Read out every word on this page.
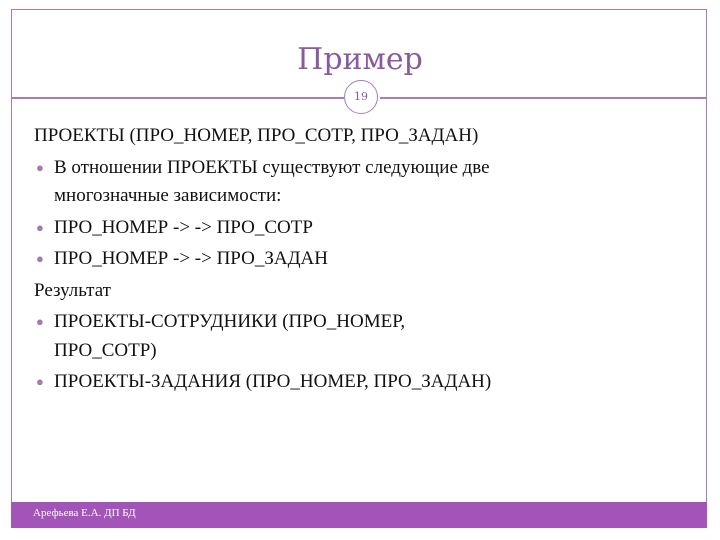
Пример
19
ПРОЕКТЫ (ПРО_НОМЕР, ПРО_СОТР, ПРО_ЗАДАН)
● В отношении ПРОЕКТЫ существуют следующие две
многозначные зависимости:
● ПРО_НОМЕР -> -> ПРО_СОТР
● ПРО_НОМЕР -> -> ПРО_ЗАДАН
Результат
● ПРОЕКТЫ-СОТРУДНИКИ (ПРО_НОМЕР,
ПРО_СОТР)
● ПРОЕКТЫ-ЗАДАНИЯ (ПРО_НОМЕР, ПРО_ЗАДАН)
Арефьева Е.А. ДП БД
